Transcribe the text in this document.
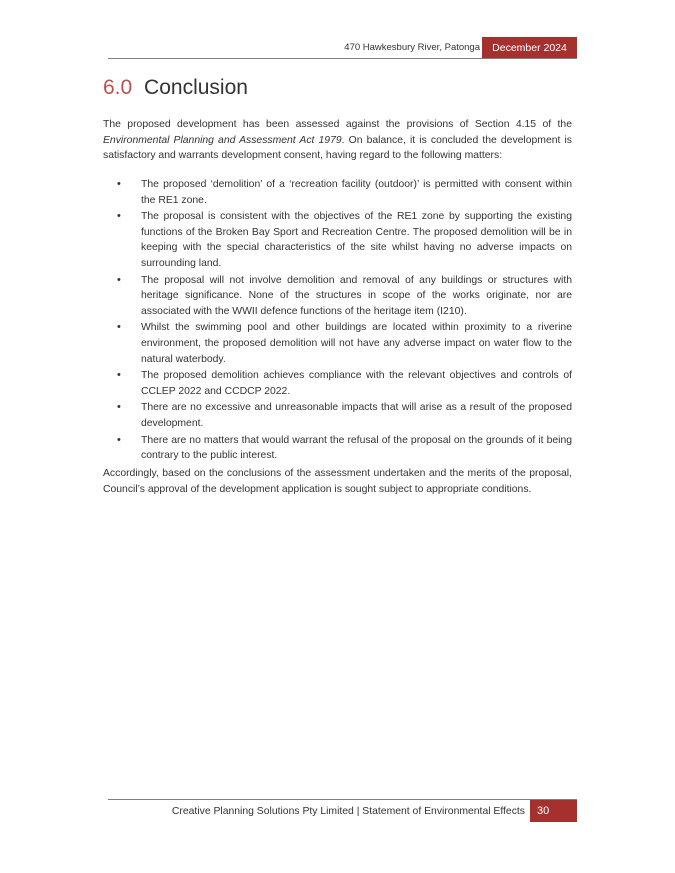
470 Hawkesbury River, Patonga	December 2024
6.0 Conclusion

The proposed development has been assessed against the provisions of Section 4.15 of the Environmental Planning and Assessment Act 1979. On balance, it is concluded the development is satisfactory and warrants development consent, having regard to the following matters:

• The proposed ‘demolition’ of a ‘recreation facility (outdoor)’ is permitted with consent within the RE1 zone.
• The proposal is consistent with the objectives of the RE1 zone by supporting the existing functions of the Broken Bay Sport and Recreation Centre. The proposed demolition will be in keeping with the special characteristics of the site whilst having no adverse impacts on surrounding land.
• The proposal will not involve demolition and removal of any buildings or structures with heritage significance. None of the structures in scope of the works originate, nor are associated with the WWII defence functions of the heritage item (I210).
• Whilst the swimming pool and other buildings are located within proximity to a riverine environment, the proposed demolition will not have any adverse impact on water flow to the natural waterbody.
• The proposed demolition achieves compliance with the relevant objectives and controls of CCLEP 2022 and CCDCP 2022.
• There are no excessive and unreasonable impacts that will arise as a result of the proposed development.
• There are no matters that would warrant the refusal of the proposal on the grounds of it being contrary to the public interest.

Accordingly, based on the conclusions of the assessment undertaken and the merits of the proposal, Council’s approval of the development application is sought subject to appropriate conditions.

Creative Planning Solutions Pty Limited | Statement of Environmental Effects	30
